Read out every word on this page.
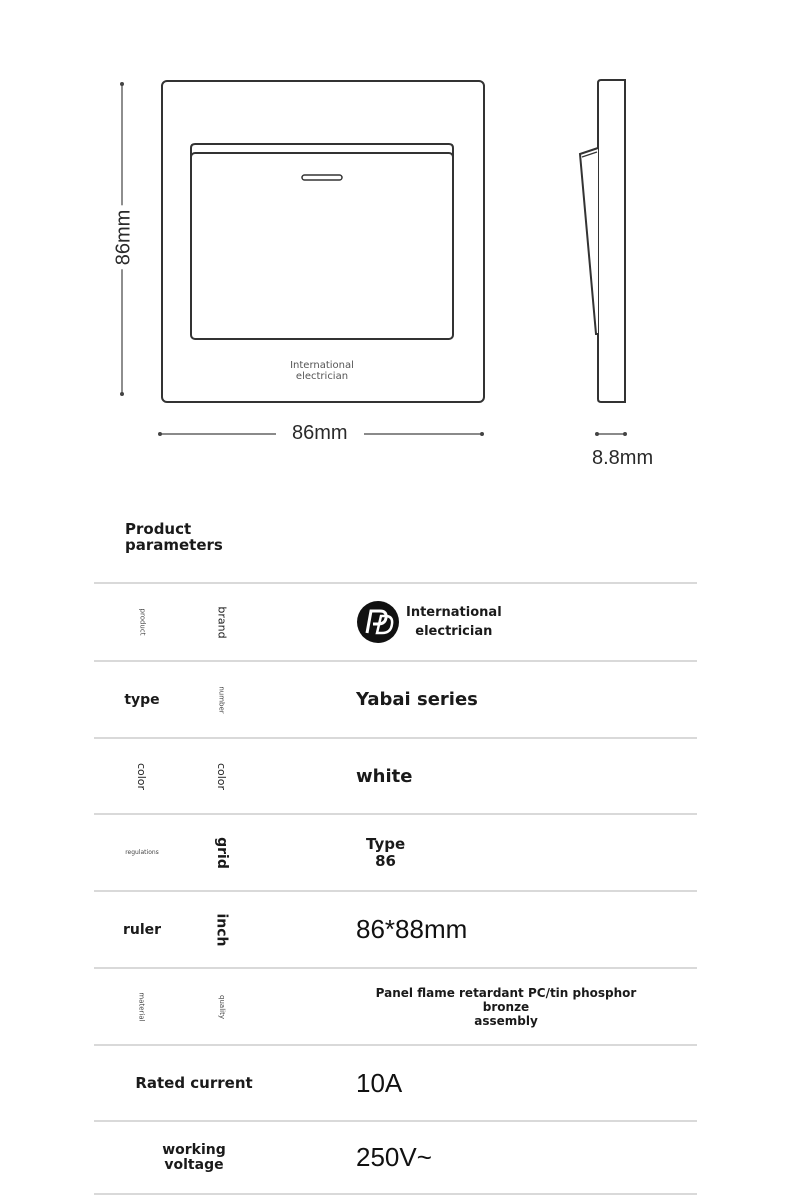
86mm
86mm
8.8mm
International
electrician
Product
parameters
product	brand	International
electrician
type	number	Yabai series
color	color	white
regulations	grid	Type
86
ruler	inch	86*88mm
material	quality
Panel flame retardant PC/tin phosphor bronze
assembly
Rated current	10A
working
voltage	250V~
